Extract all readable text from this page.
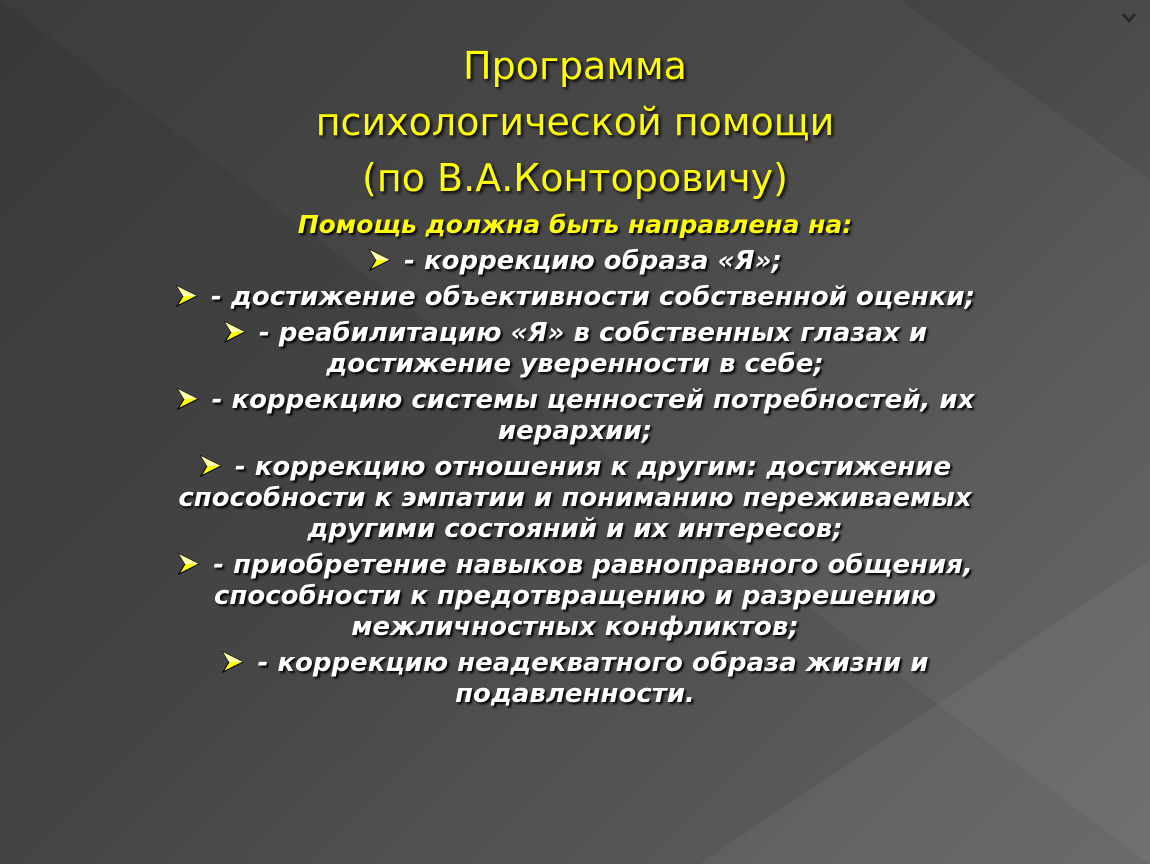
Программа
психологической помощи
(по В.А.Конторовичу)
Помощь должна быть направлена на:
- коррекцию образа «Я»;
- достижение объективности собственной оценки;
- реабилитацию «Я» в собственных глазах и
достижение уверенности в себе;
- коррекцию системы ценностей потребностей, их
иерархии;
- коррекцию отношения к другим: достижение
способности к эмпатии и пониманию переживаемых
другими состояний и их интересов;
- приобретение навыков равноправного общения,
способности к предотвращению и разрешению
межличностных конфликтов;
- коррекцию неадекватного образа жизни и
подавленности.
